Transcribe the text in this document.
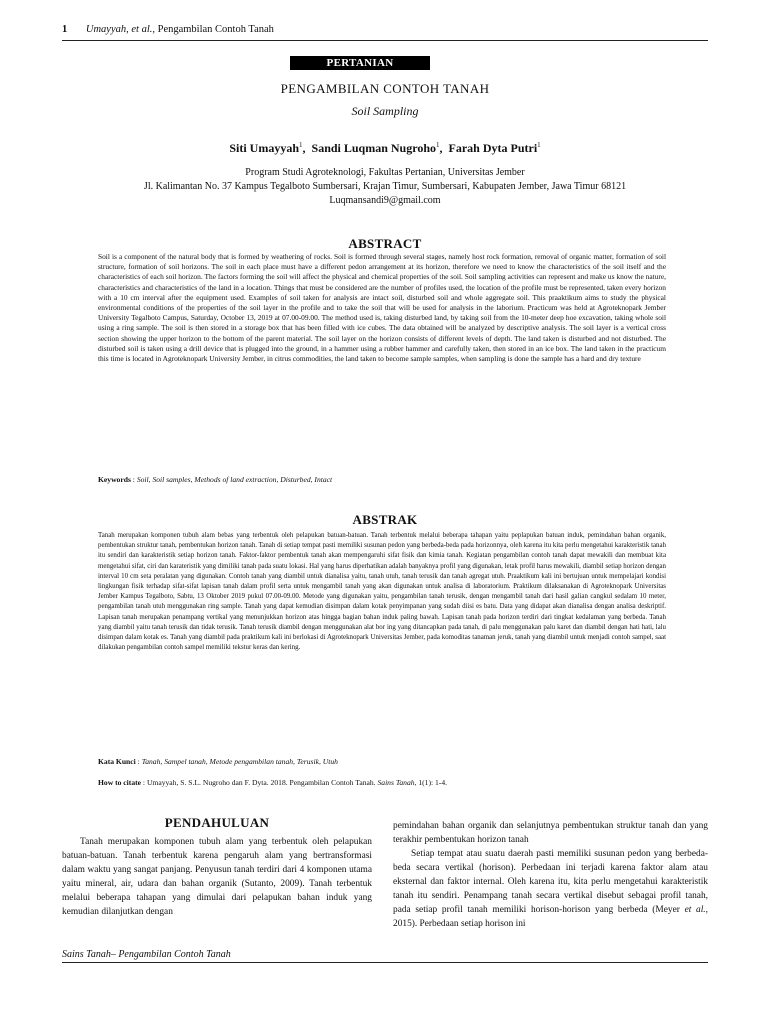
1 Umayyah, et al., Pengambilan Contoh Tanah
PERTANIAN
PENGAMBILAN CONTOH TANAH
Soil Sampling
Siti Umayyah$^1$,  Sandi Luqman Nugroho$^1$,  Farah Dyta Putri$^1$
Program Studi Agroteknologi, Fakultas Pertanian, Universitas Jember
Jl. Kalimantan No. 37 Kampus Tegalboto Sumbersari, Krajan Timur, Sumbersari, Kabupaten Jember, Jawa Timur 68121
Luqmansandi9@gmail.com
ABSTRACT

Soil is a component of the natural body that is formed by weathering of rocks. Soil is formed through several stages, namely host rock formation, removal of organic matter, formation of soil structure, formation of soil horizons. The soil in each place must have a different pedon arrangement at its horizon, therefore we need to know the characteristics of the soil itself and the characteristics of each soil horizon. The factors forming the soil will affect the physical and chemical properties of the soil. Soil sampling activities can represent and make us know the nature, characteristics and characteristics of the land in a location. Things that must be considered are the number of profiles used, the location of the profile must be represented, taken every horizon with a 10 cm interval after the equipment used. Examples of soil taken for analysis are intact soil, disturbed soil and whole aggregate soil. This praaktikum aims to study the physical environmental conditions of the properties of the soil layer in the profile and to take the soil that will be used for analysis in the laborium. Practicum was held at Agroteknopark Jember University Tegalboto Campus, Saturday, October 13, 2019 at 07.00-09.00. The method used is, taking disturbed land, by taking soil from the 10-meter deep hoe excavation, taking whole soil using a ring sample. The soil is then stored in a storage box that has been filled with ice cubes. The data obtained will be analyzed by descriptive analysis. The soil layer is a vertical cross section showing the upper horizon to the bottom of the parent material. The soil layer on the horizon consists of different levels of depth. The land taken is disturbed and not disturbed. The disturbed soil is taken using a drill device that is plugged into the ground, in a hammer using a rubber hammer and carefully taken, then stored in an ice box. The land taken in the practicum this time is located in Agroteknopark University Jember, in citrus commodities, the land taken to become sample samples, when sampling is done the sample has a hard and dry texture

Keywords : Soil, Soil samples, Methods of land extraction, Disturbed, Intact
ABSTRAK

Tanah merupakan komponen tubuh alam bebas yang terbentuk oleh pelapukan batuan-batuan. Tanah terbentuk melalui beberapa tahapan yaitu peplapukan batuan induk, pemindahan bahan organik, pembentukan struktur tanah, pembentukan horizon tanah. Tanah di setiap tempat pasti memiliki susunan pedon yang berbeda-beda pada horizonnya, oleh karena itu kita perlu mengetahui karakteristik tanah itu sendiri dan karakteristik setiap horizon tanah. Faktor-faktor pembentuk tanah akan mempengaruhi sifat fisik dan kimia tanah. Kegiatan pengambilan contoh tanah dapat mewakili dan membuat kita mengetahui sifat, ciri dan karateristik yang dimiliki tanah pada suatu lokasi. Hal yang harus diperhatikan adalah banyaknya profil yang digunakan, letak profil harus mewakili, diambil setiap horizon dengan interval 10 cm seta peralatan yang digunakan. Contoh tanah yang diambil untuk dianalisa yaitu, tanah utuh, tanah terusik dan tanah agregat utuh. Praaktikum kali ini bertujuan untuk mempelajari kondisi lingkungan fisik terhadap sifat-sifat lapisan tanah dalam profil serta untuk mengambil tanah yang akan digunakan untuk analisa di laboratorium. Praktikum dilaksanakan di Agroteknopark Universitas Jember Kampus Tegalboto, Sabtu, 13 Oktober 2019 pukul 07.00-09.00. Metode yang digunakan yaitu, pengambilan tanah terusik, dengan mengambil tanah dari hasil galian cangkul sedalam 10 meter, pengambilan tanah utuh menggunakan ring sample. Tanah yang dapat kemudian disimpan dalam kotak penyimpanan yang sudah diisi es batu. Data yang didapat akan dianalisa dengan analisa deskriptif. Lapisan tanah merupakan penampang vertikal yang menunjukkan horizon atas hingga bagian bahan induk paling bawah. Lapisan tanah pada horizon terdiri dari tingkat kedalaman yang berbeda. Tanah yang diambil yaitu tanah terusik dan tidak terusik. Tanah terusik diambil dengan menggunakan alat bor ing yang ditancapkan pada tanah, di palu menggunakan palu karet dan diambil dengan hati hati, lalu disimpan dalam kotak es. Tanah yang diambil pada praktikum kali ini berlokasi di Agroteknopark Universitas Jember, pada komoditas tanaman jeruk, tanah yang diambil untuk menjadi contoh sampel, saat dilakukan pengambilan contoh sampel memiliki tekstur keras dan kering.

Kata Kunci : Tanah, Sampel tanah, Metode pengambilan tanah, Terusik, Utuh
How to citate : Umayyah, S. S.L. Nugroho dan F. Dyta. 2018. Pengambilan Contoh Tanah. Sains Tanah, 1(1): 1-4.
PENDAHULUAN

Tanah merupakan komponen tubuh alam yang terbentuk oleh pelapukan batuan-batuan. Tanah terbentuk karena pengaruh alam yang bertransformasi dalam waktu yang sangat panjang. Penyusun tanah terdiri dari 4 komponen utama yaitu mineral, air, udara dan bahan organik (Sutanto, 2009). Tanah terbentuk melalui beberapa tahapan yang dimulai dari pelapukan bahan induk yang kemudian dilanjutkan dengan

pemindahan bahan organik dan selanjutnya pembentukan struktur tanah dan yang terakhir pembentukan horizon tanah

Setiap tempat atau suatu daerah pasti memiliki susunan pedon yang berbeda-beda secara vertikal (horison). Perbedaan ini terjadi karena faktor alam atau eksternal dan faktor internal. Oleh karena itu, kita perlu mengetahui karakteristik tanah itu sendiri. Penampang tanah secara vertikal disebut sebagai profil tanah, pada setiap profil tanah memiliki horison-horison yang berbeda (Meyer et al., 2015). Perbedaan setiap horison ini

Sains Tanah– Pengambilan Contoh Tanah
